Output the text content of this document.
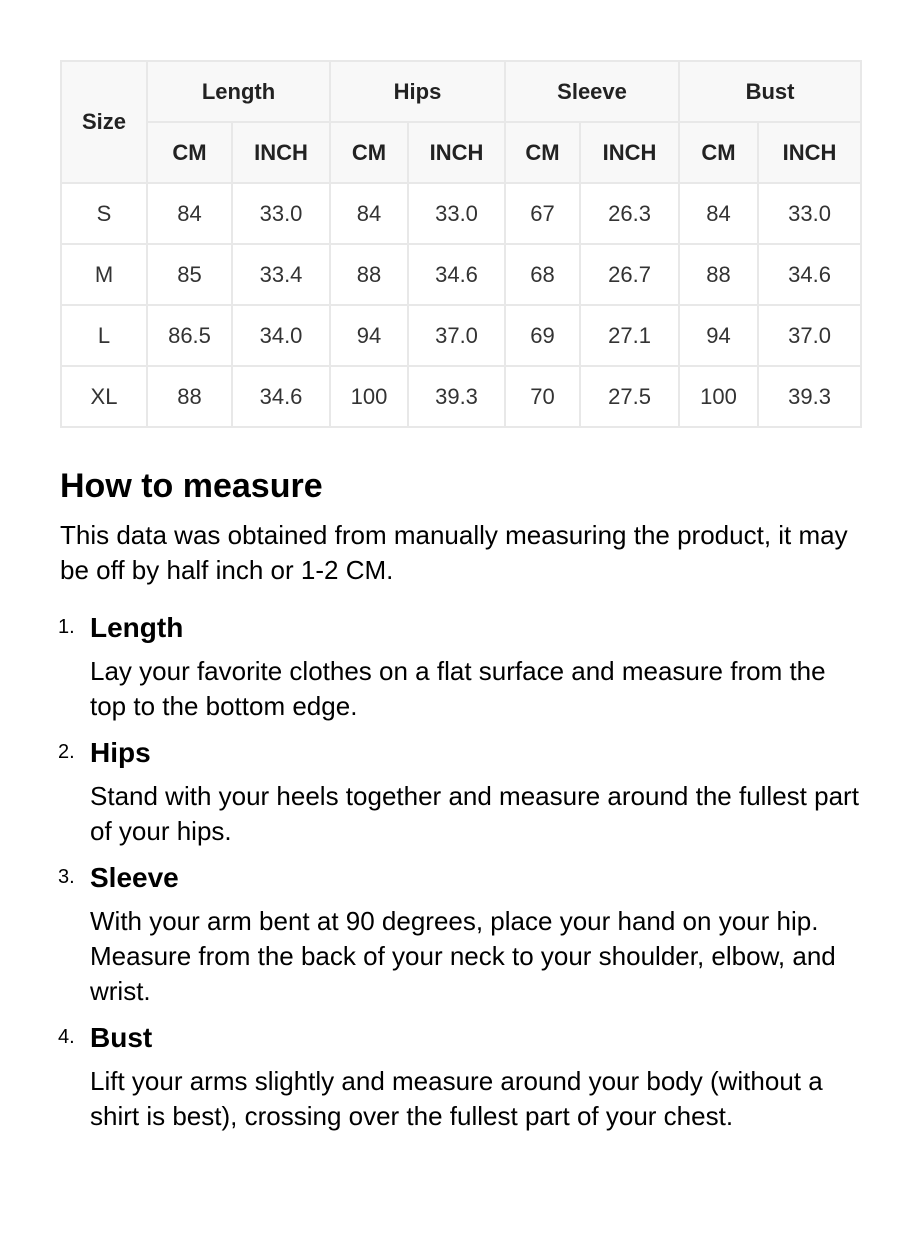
Size	Length		Hips		Sleeve		Bust	
	CM	INCH	CM	INCH	CM	INCH	CM	INCH
S	84	33.0	84	33.0	67	26.3	84	33.0
M	85	33.4	88	34.6	68	26.7	88	34.6
L	86.5	34.0	94	37.0	69	27.1	94	37.0
XL	88	34.6	100	39.3	70	27.5	100	39.3
How to measure

This data was obtained from manually measuring the product, it may be off by half inch or 1-2 CM.

1. Length
Lay your favorite clothes on a flat surface and measure from the top to the bottom edge.
2. Hips
Stand with your heels together and measure around the fullest part of your hips.
3. Sleeve
With your arm bent at 90 degrees, place your hand on your hip. Measure from the back of your neck to your shoulder, elbow, and wrist.
4. Bust
Lift your arms slightly and measure around your body (without a shirt is best), crossing over the fullest part of your chest.
